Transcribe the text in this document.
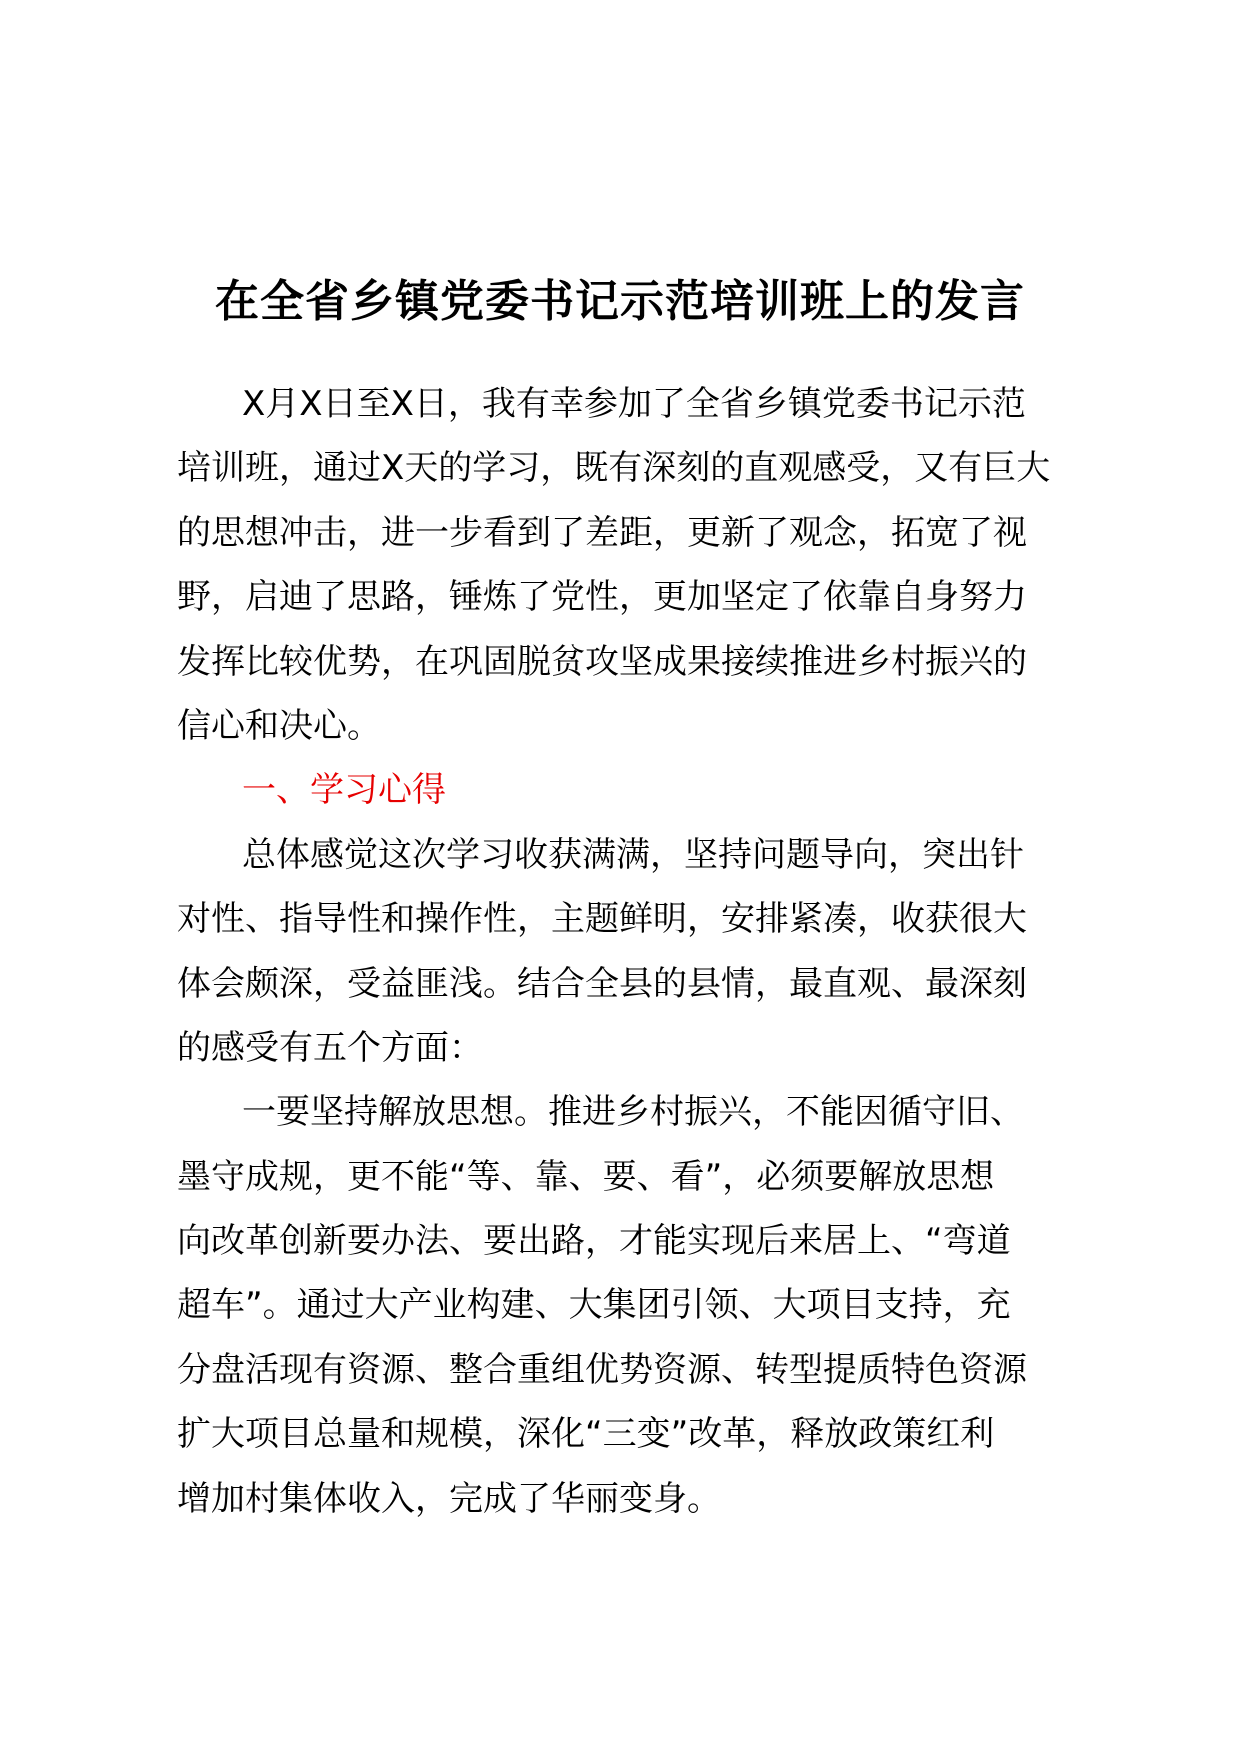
在全省乡镇党委书记示范培训班上的发言
X月X日至X日，我有幸参加了全省乡镇党委书记示范
培训班，通过X天的学习，既有深刻的直观感受，又有巨大
的思想冲击，进一步看到了差距，更新了观念，拓宽了视
野，启迪了思路，锤炼了党性，更加坚定了依靠自身努力
发挥比较优势，在巩固脱贫攻坚成果接续推进乡村振兴的
信心和决心。
一、学习心得
总体感觉这次学习收获满满，坚持问题导向，突出针
对性、指导性和操作性，主题鲜明，安排紧凑，收获很大
体会颇深，受益匪浅。结合全县的县情，最直观、最深刻
的感受有五个方面：
一要坚持解放思想。推进乡村振兴，不能因循守旧、
墨守成规，更不能“等、靠、要、看”，必须要解放思想
向改革创新要办法、要出路，才能实现后来居上、“弯道
超车”。通过大产业构建、大集团引领、大项目支持，充
分盘活现有资源、整合重组优势资源、转型提质特色资源
扩大项目总量和规模，深化“三变”改革，释放政策红利
增加村集体收入，完成了华丽变身。
